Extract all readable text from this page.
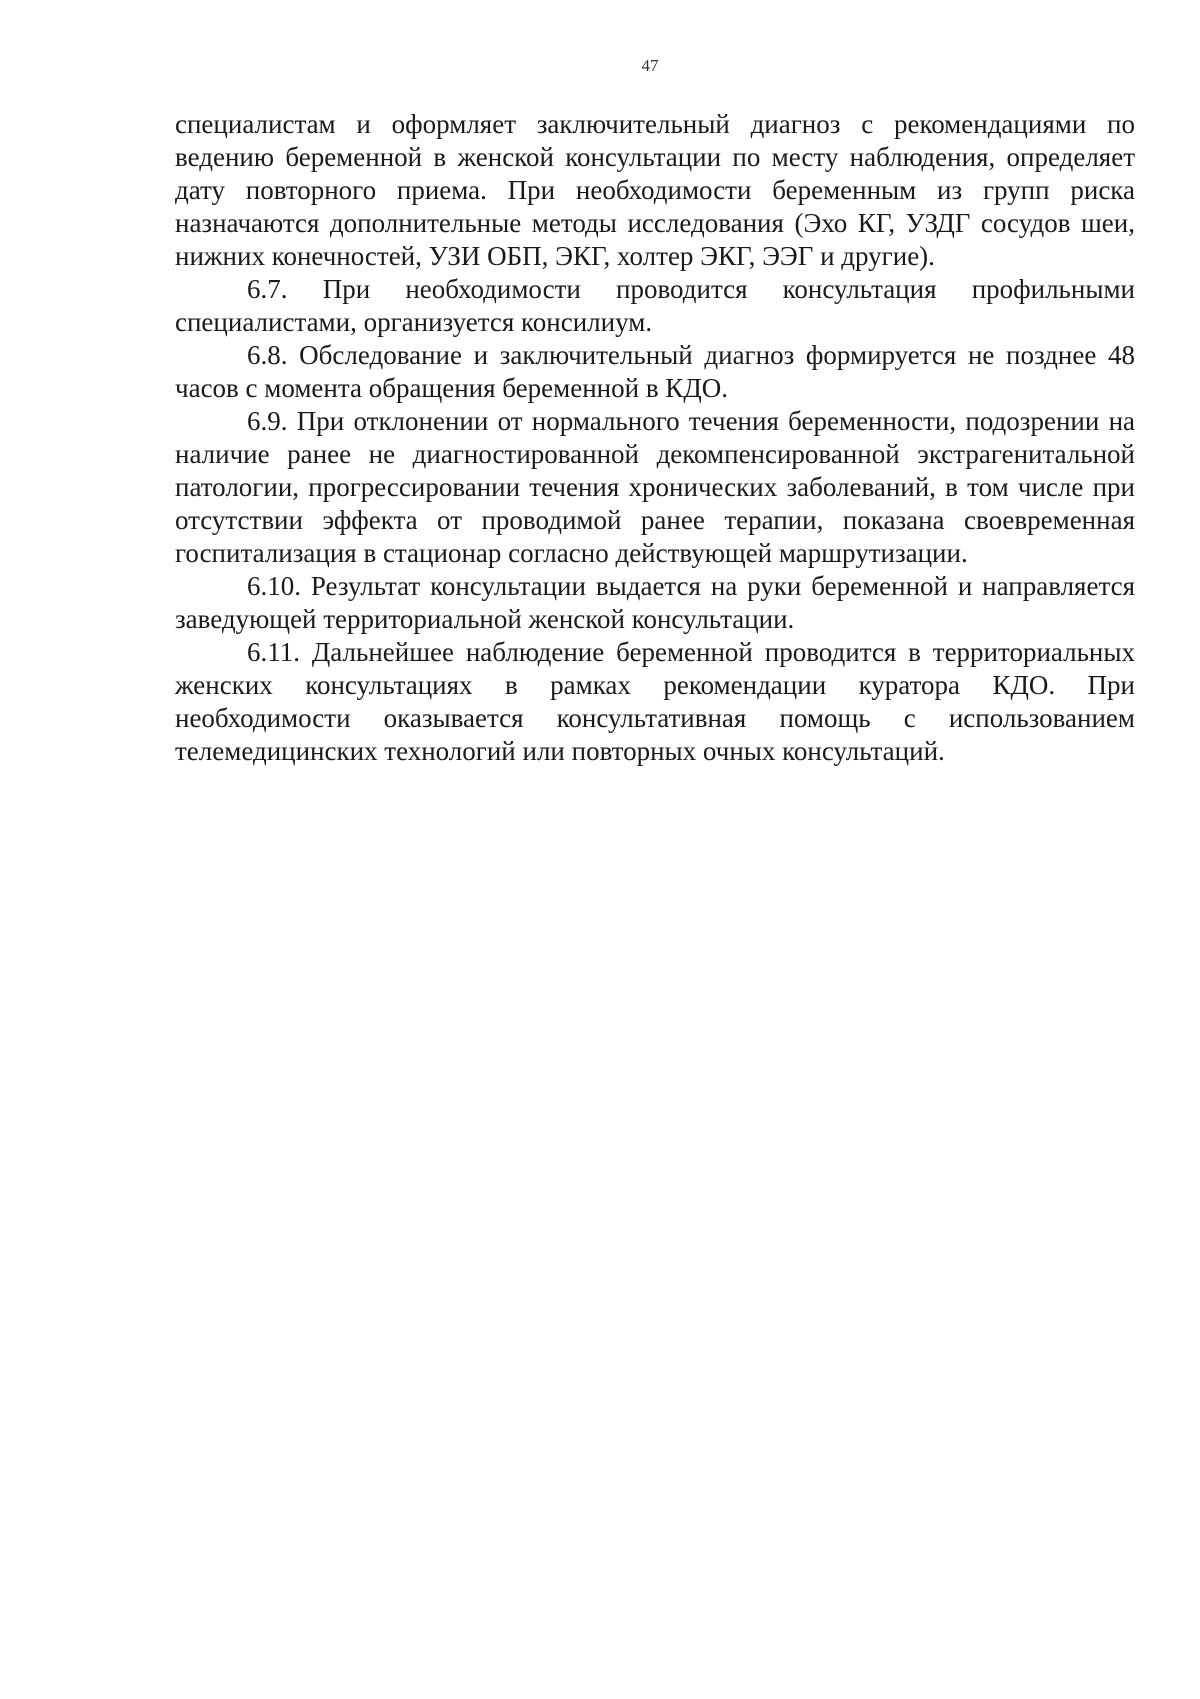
47

специалистам и оформляет заключительный диагноз с рекомендациями по ведению беременной в женской консультации по месту наблюдения, определяет дату повторного приема. При необходимости беременным из групп риска назначаются дополнительные методы исследования (Эхо КГ, УЗДГ сосудов шеи, нижних конечностей, УЗИ ОБП, ЭКГ, холтер ЭКГ, ЭЭГ и другие).

6.7. При необходимости проводится консультация профильными специалистами, организуется консилиум.

6.8. Обследование и заключительный диагноз формируется не позднее 48 часов с момента обращения беременной в КДО.

6.9. При отклонении от нормального течения беременности, подозрении на наличие ранее не диагностированной декомпенсированной экстрагенитальной патологии, прогрессировании течения хронических заболеваний, в том числе при отсутствии эффекта от проводимой ранее терапии, показана своевременная госпитализация в стационар согласно действующей маршрутизации.

6.10. Результат консультации выдается на руки беременной и направляется заведующей территориальной женской консультации.

6.11. Дальнейшее наблюдение беременной проводится в территориальных женских консультациях в рамках рекомендации куратора КДО. При необходимости оказывается консультативная помощь с использованием телемедицинских технологий или повторных очных консультаций.
